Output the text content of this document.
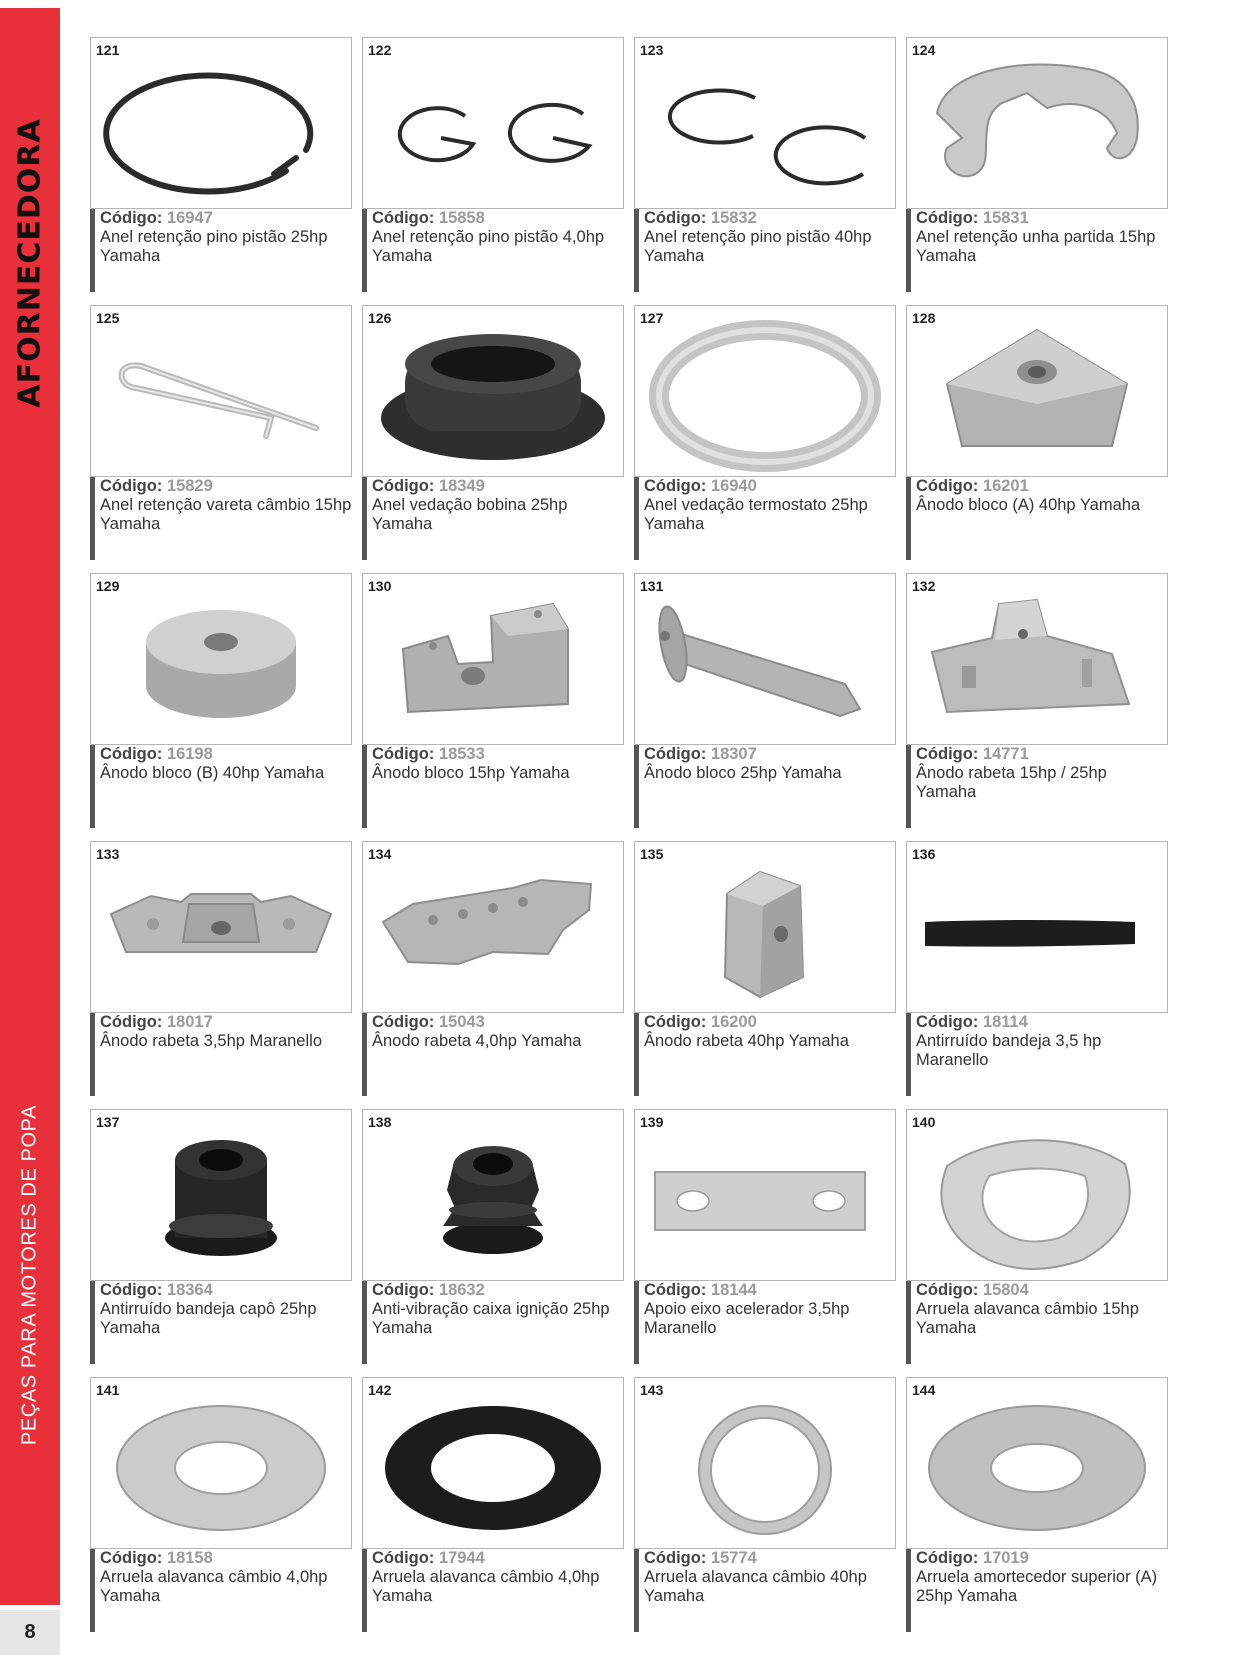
AFORNECEDORA
PEÇAS PARA MOTORES DE POPA
8
121
Código: 16947
Anel retenção pino pistão 25hp Yamaha
122
Código: 15858
Anel retenção pino pistão 4,0hp Yamaha
123
Código: 15832
Anel retenção pino pistão 40hp Yamaha
124
Código: 15831
Anel retenção unha partida 15hp Yamaha
125
Código: 15829
Anel retenção vareta câmbio 15hp Yamaha
126
Código: 18349
Anel vedação bobina 25hp Yamaha
127
Código: 16940
Anel vedação termostato 25hp Yamaha
128
Código: 16201
Ânodo bloco (A) 40hp Yamaha
129
Código: 16198
Ânodo bloco (B) 40hp Yamaha
130
Código: 18533
Ânodo bloco 15hp Yamaha
131
Código: 18307
Ânodo bloco 25hp Yamaha
132
Código: 14771
Ânodo rabeta 15hp / 25hp Yamaha
133
Código: 18017
Ânodo rabeta 3,5hp Maranello
134
Código: 15043
Ânodo rabeta 4,0hp Yamaha
135
Código: 16200
Ânodo rabeta 40hp Yamaha
136
Código: 18114
Antirruído bandeja 3,5 hp Maranello
137
Código: 18364
Antirruído bandeja capô 25hp Yamaha
138
Código: 18632
Anti-vibração caixa ignição 25hp Yamaha
139
Código: 18144
Apoio eixo acelerador 3,5hp Maranello
140
Código: 15804
Arruela alavanca câmbio 15hp Yamaha
141
Código: 18158
Arruela alavanca câmbio 4,0hp Yamaha
142
Código: 17944
Arruela alavanca câmbio 4,0hp Yamaha
143
Código: 15774
Arruela alavanca câmbio 40hp Yamaha
144
Código: 17019
Arruela amortecedor superior (A) 25hp Yamaha
